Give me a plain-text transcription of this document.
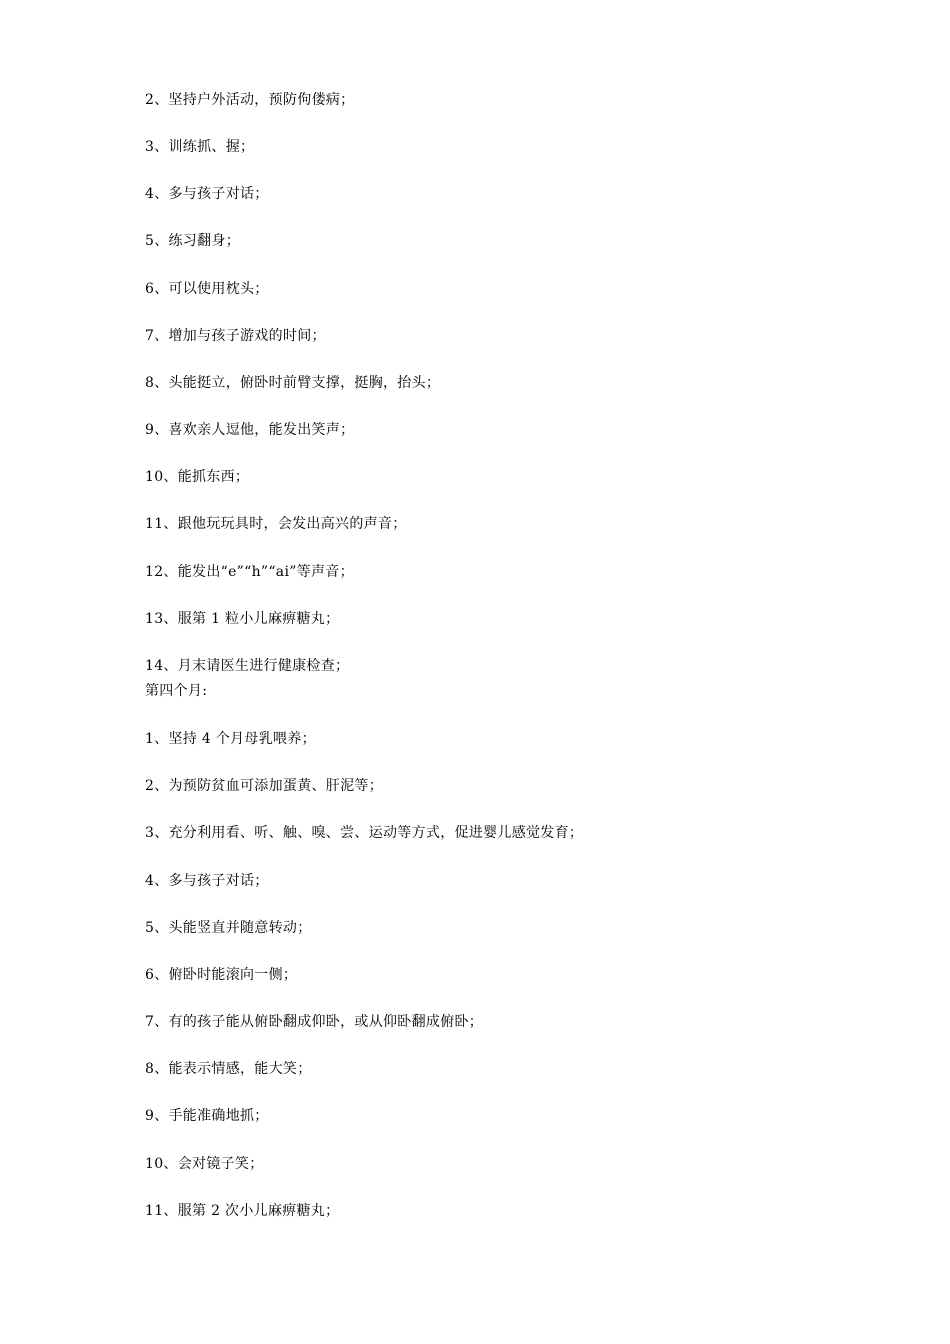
2、坚持户外活动，预防佝偻病；
3、训练抓、握；
4、多与孩子对话；
5、练习翻身；
6、可以使用枕头；
7、增加与孩子游戏的时间；
8、头能挺立，俯卧时前臂支撑，挺胸，抬头；
9、喜欢亲人逗他，能发出笑声；
10、能抓东西；
11、跟他玩玩具时，会发出高兴的声音；
12、能发出“e”“h”“ai”等声音；
13、服第 1 粒小儿麻痹糖丸；
14、月末请医生进行健康检查；
第四个月:
1、坚持 4 个月母乳喂养；
2、为预防贫血可添加蛋黄、肝泥等；
3、充分利用看、听、触、嗅、尝、运动等方式，促进婴儿感觉发育；
4、多与孩子对话；
5、头能竖直并随意转动；
6、俯卧时能滚向一侧；
7、有的孩子能从俯卧翻成仰卧，或从仰卧翻成俯卧；
8、能表示情感，能大笑；
9、手能准确地抓；
10、会对镜子笑；
11、服第 2 次小儿麻痹糖丸；
